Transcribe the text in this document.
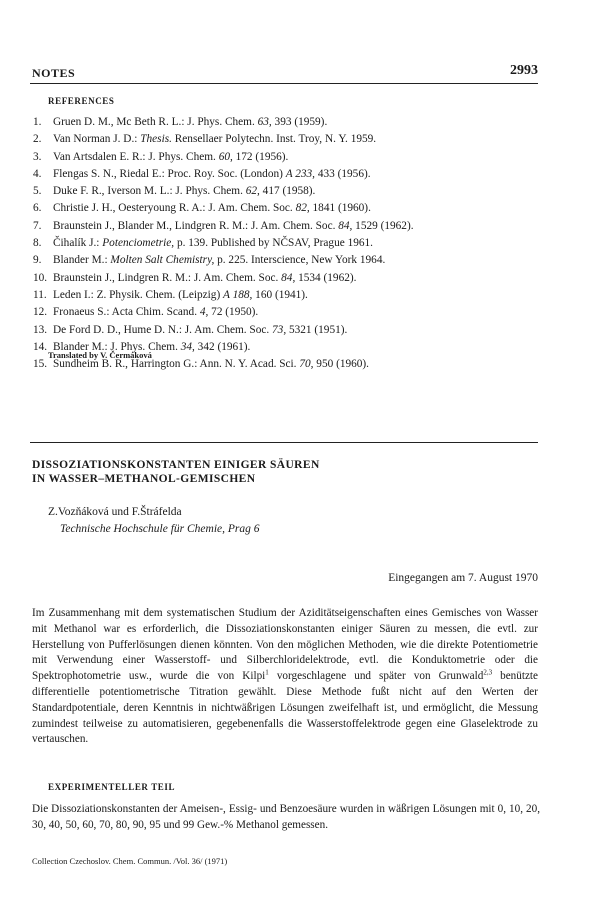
NOTES	2993
REFERENCES
1. Gruen D. M., Mc Beth R. L.: J. Phys. Chem. 63, 393 (1959).
2. Van Norman J. D.: Thesis. Rensellaer Polytechn. Inst. Troy, N. Y. 1959.
3. Van Artsdalen E. R.: J. Phys. Chem. 60, 172 (1956).
4. Flengas S. N., Riedal E.: Proc. Roy. Soc. (London) A 233, 433 (1956).
5. Duke F. R., Iverson M. L.: J. Phys. Chem. 62, 417 (1958).
6. Christie J. H., Oesteryoung R. A.: J. Am. Chem. Soc. 82, 1841 (1960).
7. Braunstein J., Blander M., Lindgren R. M.: J. Am. Chem. Soc. 84, 1529 (1962).
8. Čihalík J.: Potenciometrie, p. 139. Published by NČSAV, Prague 1961.
9. Blander M.: Molten Salt Chemistry, p. 225. Interscience, New York 1964.
10. Braunstein J., Lindgren R. M.: J. Am. Chem. Soc. 84, 1534 (1962).
11. Leden I.: Z. Physik. Chem. (Leipzig) A 188, 160 (1941).
12. Fronaeus S.: Acta Chim. Scand. 4, 72 (1950).
13. De Ford D. D., Hume D. N.: J. Am. Chem. Soc. 73, 5321 (1951).
14. Blander M.: J. Phys. Chem. 34, 342 (1961).
15. Sundheim B. R., Harrington G.: Ann. N. Y. Acad. Sci. 70, 950 (1960).
Translated by V. Čermáková
DISSOZIATIONSKONSTANTEN EINIGER SÄUREN
IN WASSER–METHANOL-GEMISCHEN
Z.Vozňáková und F.Štráfelda
Technische Hochschule für Chemie, Prag 6
Eingegangen am 7. August 1970

Im Zusammenhang mit dem systematischen Studium der Aziditätseigenschaften eines Gemisches von Wasser mit Methanol war es erforderlich, die Dissoziationskonstanten einiger Säuren zu messen, die evtl. zur Herstellung von Pufferlösungen dienen könnten. Von den möglichen Methoden, wie die direkte Potentiometrie mit Verwendung einer Wasserstoff- und Silberchloridelektrode, evtl. die Konduktometrie oder die Spektrophotometrie usw., wurde die von Kilpi$^1$ vorgeschlagene und später von Grunwald$^{2,3}$ benützte differentielle potentiometrische Titration gewählt. Diese Methode fußt nicht auf den Werten der Standardpotentiale, deren Kenntnis in nichtwäßrigen Lösungen zweifelhaft ist, und ermöglicht, die Messung zumindest teilweise zu automatisieren, gegebenenfalls die Wasserstoffelektrode gegen eine Glaselektrode zu vertauschen.

EXPERIMENTELLER TEIL

Die Dissoziationskonstanten der Ameisen-, Essig- und Benzoesäure wurden in wäßrigen Lösungen mit 0, 10, 20, 30, 40, 50, 60, 70, 80, 90, 95 und 99 Gew.-% Methanol gemessen.

Collection Czechoslov. Chem. Commun. /Vol. 36/ (1971)
